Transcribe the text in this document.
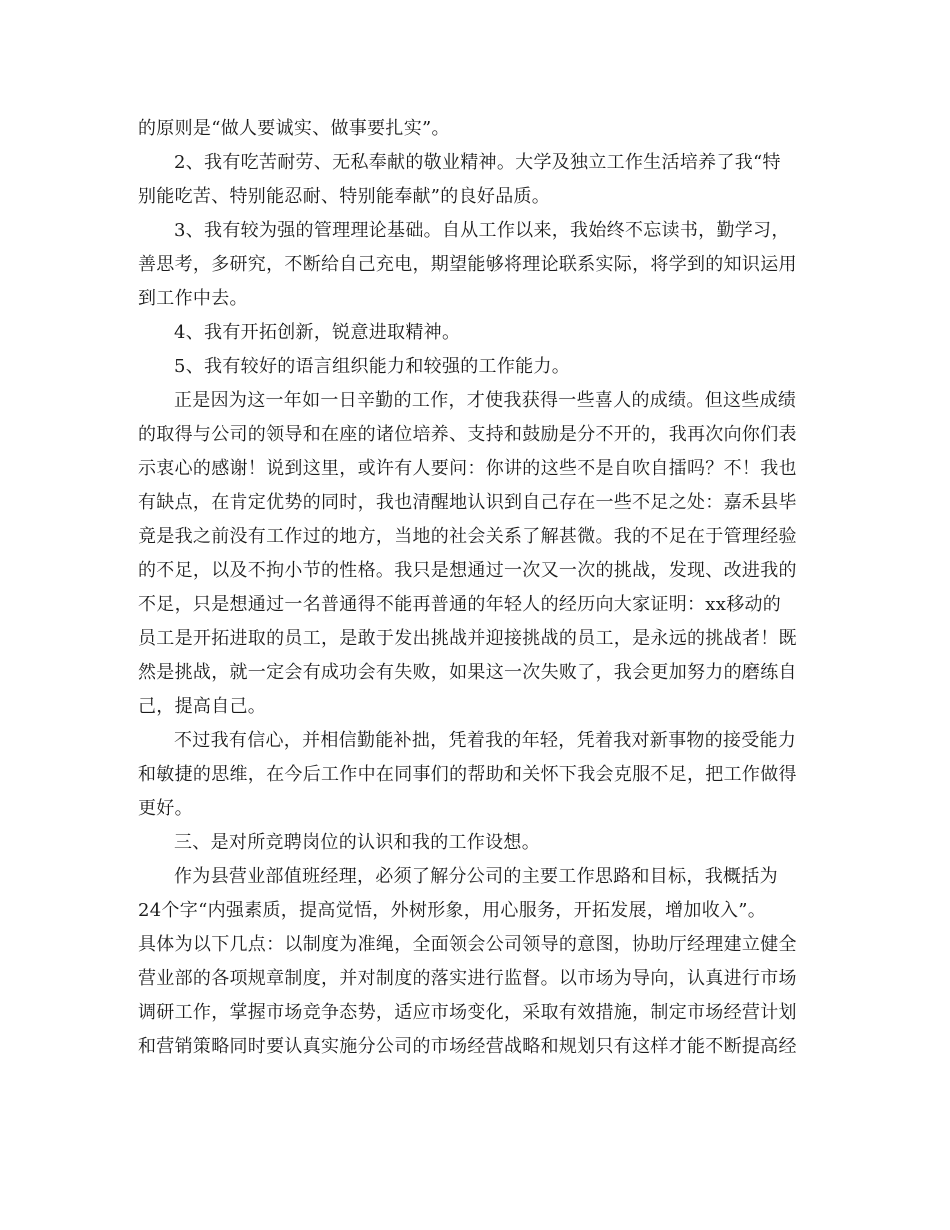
的原则是“做人要诚实、做事要扎实”。
2、我有吃苦耐劳、无私奉献的敬业精神。大学及独立工作生活培养了我“特
别能吃苦、特别能忍耐、特别能奉献”的良好品质。
3、我有较为强的管理理论基础。自从工作以来，我始终不忘读书，勤学习，
善思考，多研究，不断给自己充电，期望能够将理论联系实际，将学到的知识运用
到工作中去。
4、我有开拓创新，锐意进取精神。
5、我有较好的语言组织能力和较强的工作能力。
正是因为这一年如一日辛勤的工作，才使我获得一些喜人的成绩。但这些成绩
的取得与公司的领导和在座的诸位培养、支持和鼓励是分不开的，我再次向你们表
示衷心的感谢！说到这里，或许有人要问：你讲的这些不是自吹自擂吗？不！我也
有缺点，在肯定优势的同时，我也清醒地认识到自己存在一些不足之处：嘉禾县毕
竟是我之前没有工作过的地方，当地的社会关系了解甚微。我的不足在于管理经验
的不足，以及不拘小节的性格。我只是想通过一次又一次的挑战，发现、改进我的
不足，只是想通过一名普通得不能再普通的年轻人的经历向大家证明：xx移动的
员工是开拓进取的员工，是敢于发出挑战并迎接挑战的员工，是永远的挑战者！既
然是挑战，就一定会有成功会有失败，如果这一次失败了，我会更加努力的磨练自
己，提高自己。
不过我有信心，并相信勤能补拙，凭着我的年轻，凭着我对新事物的接受能力
和敏捷的思维，在今后工作中在同事们的帮助和关怀下我会克服不足，把工作做得
更好。
三、是对所竞聘岗位的认识和我的工作设想。
作为县营业部值班经理，必须了解分公司的主要工作思路和目标，我概括为
24个字“内强素质，提高觉悟，外树形象，用心服务，开拓发展，增加收入”。
具体为以下几点：以制度为准绳，全面领会公司领导的意图，协助厅经理建立健全
营业部的各项规章制度，并对制度的落实进行监督。以市场为导向，认真进行市场
调研工作，掌握市场竞争态势，适应市场变化，采取有效措施，制定市场经营计划
和营销策略同时要认真实施分公司的市场经营战略和规划只有这样才能不断提高经
